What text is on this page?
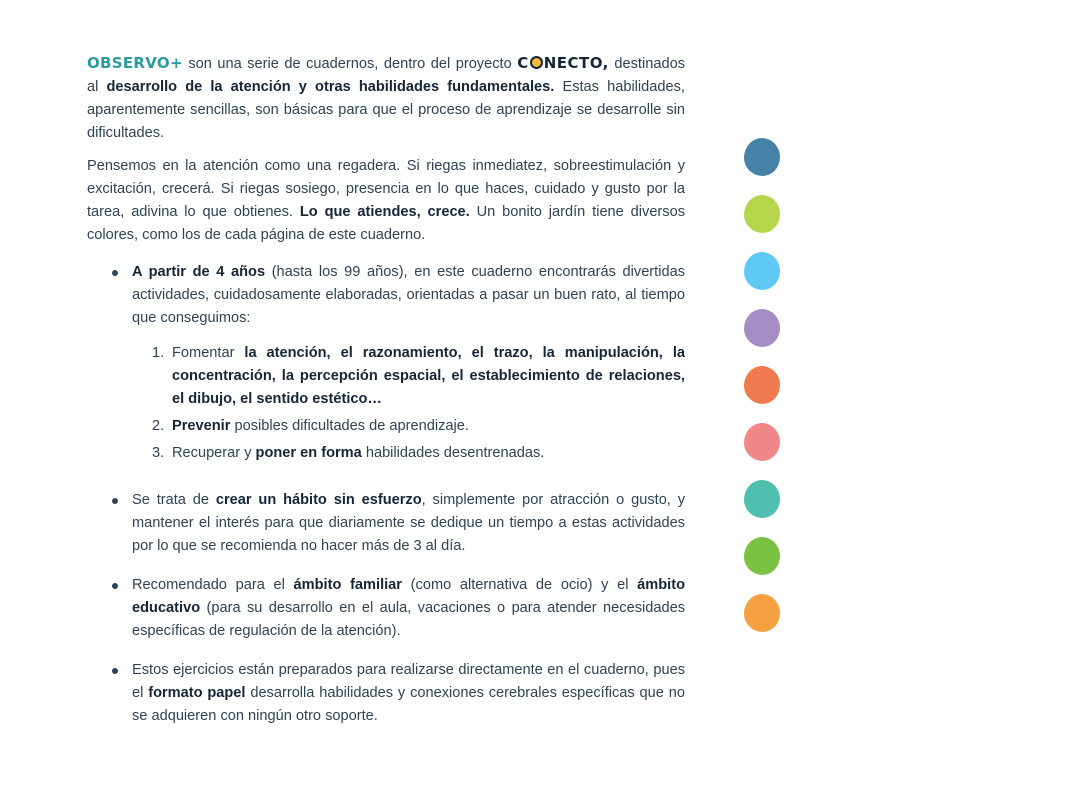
OBSERVO+ son una serie de cuadernos, dentro del proyecto C NECTO, destinados al desarrollo de la atención y otras habilidades fundamentales. Estas habilidades, aparentemente sencillas, son básicas para que el proceso de aprendizaje se desarrolle sin dificultades.

Pensemos en la atención como una regadera. Si riegas inmediatez, sobreestimulación y excitación, crecerá. Si riegas sosiego, presencia en lo que haces, cuidado y gusto por la tarea, adivina lo que obtienes. Lo que atiendes, crece. Un bonito jardín tiene diversos colores, como los de cada página de este cuaderno.

A partir de 4 años (hasta los 99 años), en este cuaderno encontrarás divertidas actividades, cuidadosamente elaboradas, orientadas a pasar un buen rato, al tiempo que conseguimos:
1. Fomentar la atención, el razonamiento, el trazo, la manipulación, la concentración, la percepción espacial, el establecimiento de relaciones, el dibujo, el sentido estético…
2. Prevenir posibles dificultades de aprendizaje.
3. Recuperar y poner en forma habilidades desentrenadas.
Se trata de crear un hábito sin esfuerzo, simplemente por atracción o gusto, y mantener el interés para que diariamente se dedique un tiempo a estas actividades por lo que se recomienda no hacer más de 3 al día.
Recomendado para el ámbito familiar (como alternativa de ocio) y el ámbito educativo (para su desarrollo en el aula, vacaciones o para atender necesidades específicas de regulación de la atención).
Estos ejercicios están preparados para realizarse directamente en el cuaderno, pues el formato papel desarrolla habilidades y conexiones cerebrales específicas que no se adquieren con ningún otro soporte.
